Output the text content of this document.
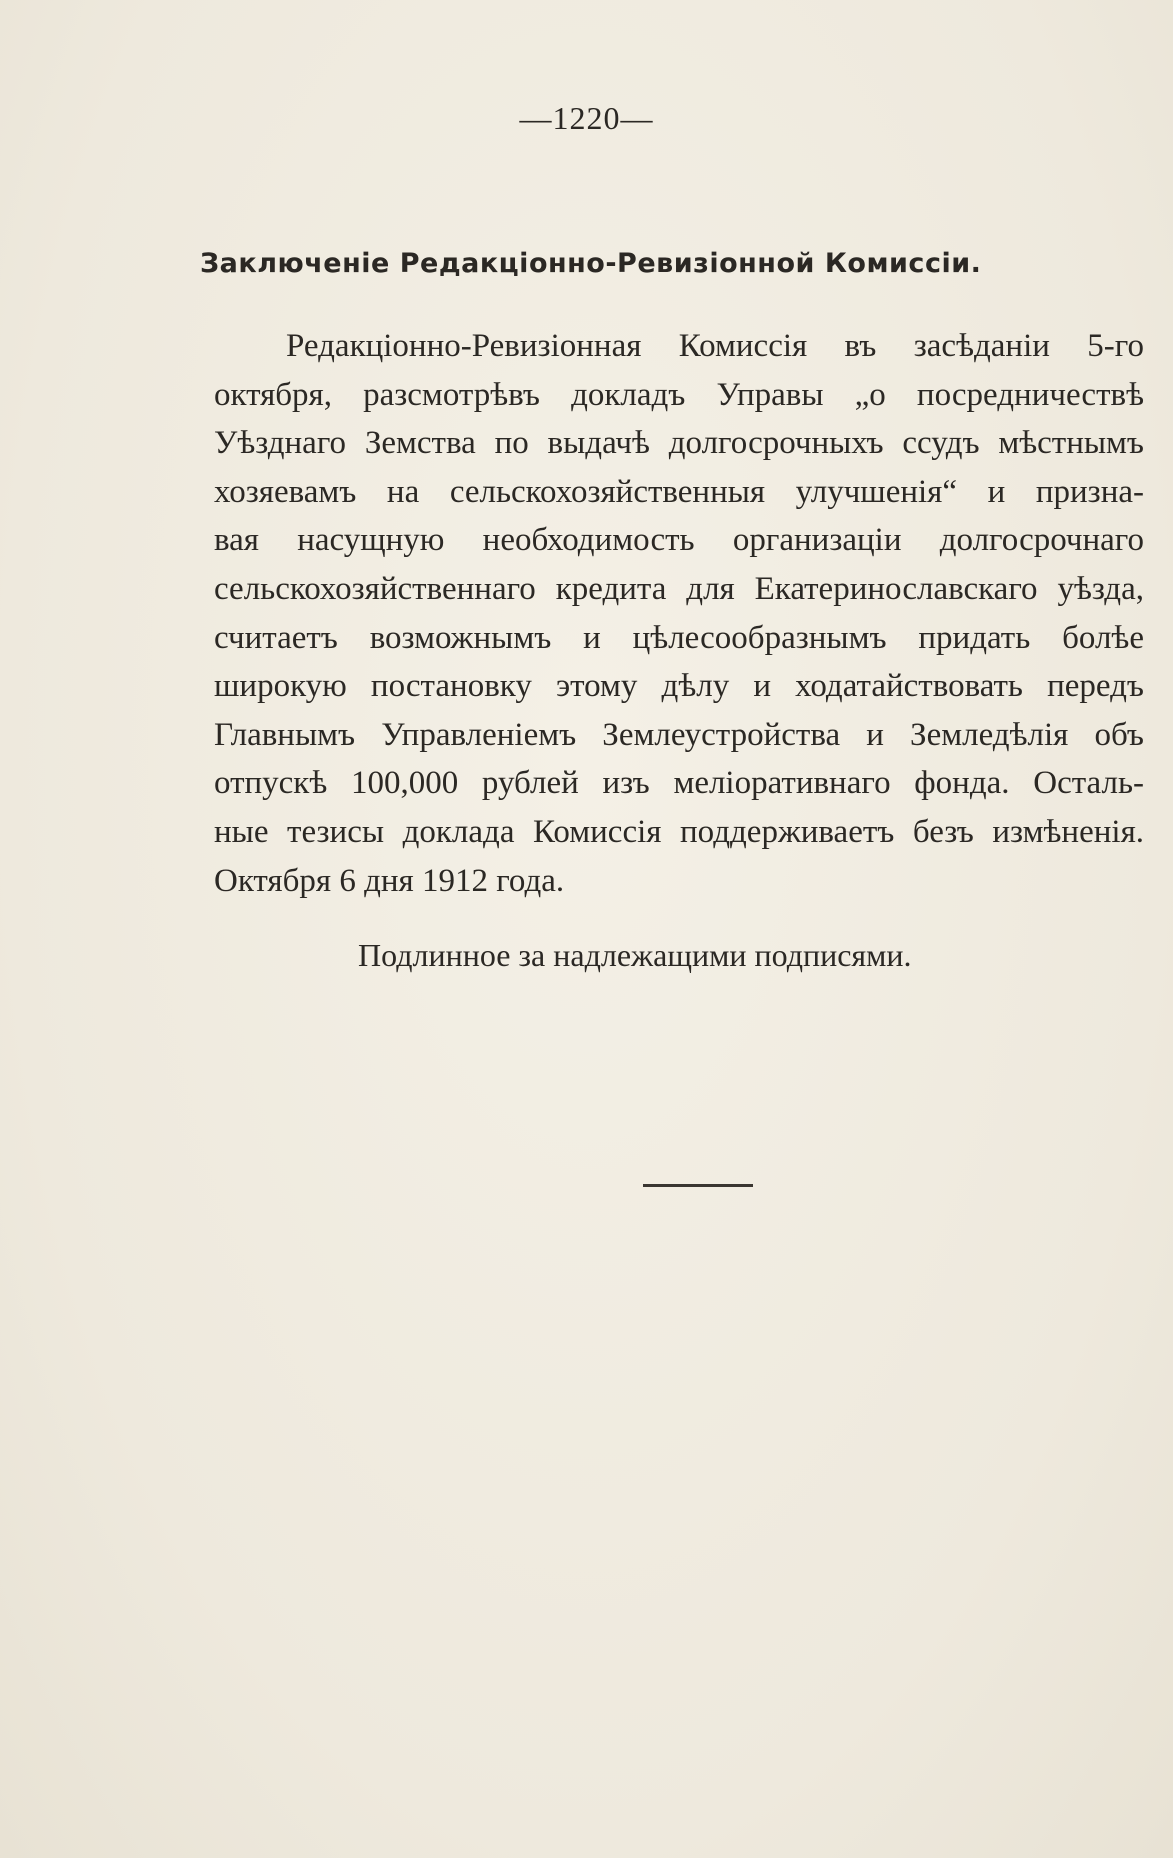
—1220—
Заключеніе Редакціонно-Ревизіонной Комиссіи.
Редакціонно-Ревизіонная Комиссія въ засѣданіи 5-го
октября, разсмотрѣвъ докладъ Управы „о посредничествѣ
Уѣзднаго Земства по выдачѣ долгосрочныхъ ссудъ мѣстнымъ
хозяевамъ на сельскохозяйственныя улучшенія“ и призна-
вая насущную необходимость организаціи долгосрочнаго
сельскохозяйственнаго кредита для Екатеринославскаго уѣзда,
считаетъ возможнымъ и цѣлесообразнымъ придать болѣе
широкую постановку этому дѣлу и ходатайствовать передъ
Главнымъ Управленіемъ Землеустройства и Земледѣлія объ
отпускѣ 100,000 рублей изъ меліоративнаго фонда. Осталь-
ные тезисы доклада Комиссія поддерживаетъ безъ измѣненія.
Октября 6 дня 1912 года.
Подлинное за надлежащими подписями.
